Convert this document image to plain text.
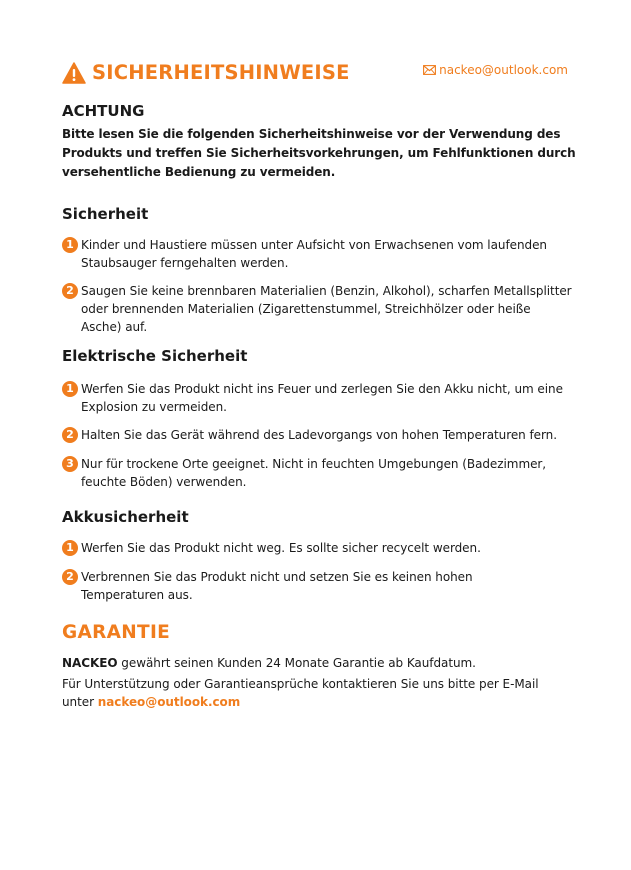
SICHERHEITSHINWEISE	nackeo@outlook.com
ACHTUNG
Bitte lesen Sie die folgenden Sicherheitshinweise vor der Verwendung des
Produkts und treffen Sie Sicherheitsvorkehrungen, um Fehlfunktionen durch
versehentliche Bedienung zu vermeiden.
Sicherheit
1 Kinder und Haustiere müssen unter Aufsicht von Erwachsenen vom laufenden
Staubsauger ferngehalten werden.
2 Saugen Sie keine brennbaren Materialien (Benzin, Alkohol), scharfen Metallsplitter
oder brennenden Materialien (Zigarettenstummel, Streichhölzer oder heiße
Asche) auf.
Elektrische Sicherheit
1 Werfen Sie das Produkt nicht ins Feuer und zerlegen Sie den Akku nicht, um eine
Explosion zu vermeiden.
2 Halten Sie das Gerät während des Ladevorgangs von hohen Temperaturen fern.
3 Nur für trockene Orte geeignet. Nicht in feuchten Umgebungen (Badezimmer,
feuchte Böden) verwenden.
Akkusicherheit
1 Werfen Sie das Produkt nicht weg. Es sollte sicher recycelt werden.
2 Verbrennen Sie das Produkt nicht und setzen Sie es keinen hohen
Temperaturen aus.
GARANTIE
NACKEO gewährt seinen Kunden 24 Monate Garantie ab Kaufdatum.
Für Unterstützung oder Garantieansprüche kontaktieren Sie uns bitte per E-Mail
unter nackeo@outlook.com
